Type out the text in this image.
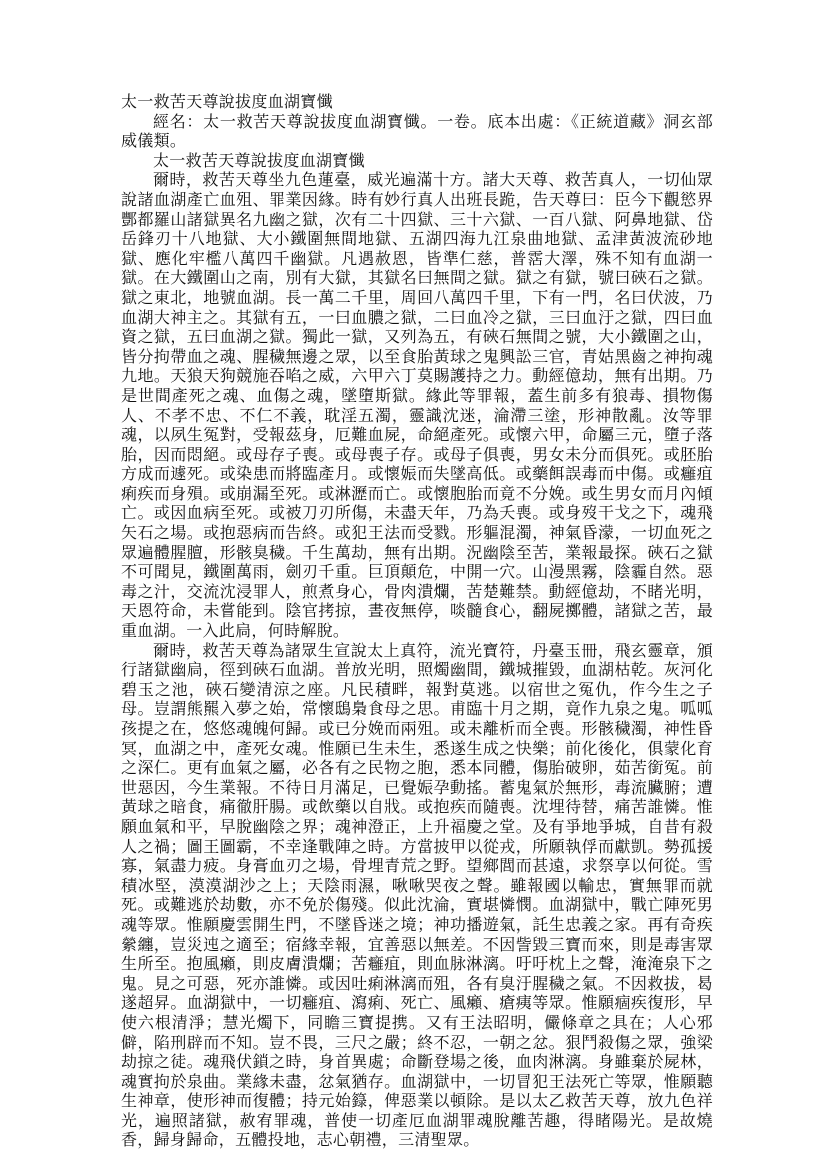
太一救苦天尊說拔度血湖寶懺

經名：太一救苦天尊說拔度血湖寶懺。一卷。底本出處：《正統道藏》洞玄部威儀類。

太一救苦天尊說拔度血湖寶懺

爾時，救苦天尊坐九色蓮臺，威光遍滿十方。諸大天尊、救苦真人，一切仙眾說諸血湖產亡血殂、罪業因緣。時有妙行真人出班長跪，告天尊曰：臣今下觀慾界酆都羅山諸獄異名九幽之獄，次有二十四獄、三十六獄、一百八獄、阿鼻地獄、岱岳鋒刃十八地獄、大小鐵圍無間地獄、五湖四海九江泉曲地獄、孟津黃波流砂地獄、應化牢檻八萬四千幽獄。凡遇赦恩，皆準仁慈，普霑大澤，殊不知有血湖一獄。在大鐵圍山之南，別有大獄，其獄名曰無間之獄。獄之有獄，號曰硤石之獄。獄之東北，地號血湖。長一萬二千里，周回八萬四千里，下有一門，名曰伏波，乃血湖大神主之。其獄有五，一曰血膿之獄，二曰血冷之獄，三曰血汙之獄，四曰血資之獄，五曰血湖之獄。獨此一獄，又列為五，有硤石無間之號，大小鐵圍之山，皆分拘帶血之魂、腥穢無邊之眾，以至食胎黃球之鬼興訟三官，青姑黑齒之神拘魂九地。天狼天狗競施吞啗之威，六甲六丁莫賜護持之力。動經億劫，無有出期。乃是世間產死之魂、血傷之魂，墜墮斯獄。緣此等罪報，蓋生前多有狼毒、損物傷人、不孝不忠、不仁不義，耽淫五濁，靈識沈迷，淪滯三塗，形神散亂。汝等罪魂，以夙生冤對，受報茲身，厄難血屍，命絕產死。或懷六甲，命屬三元，墮子落胎，因而悶絕。或母存子喪。或母喪子存。或母子俱喪，男女未分而俱死。或胚胎方成而遽死。或染患而將臨產月。或懷娠而失墜高低。或藥餌誤毒而中傷。或癰疽痢疾而身殞。或崩漏至死。或淋瀝而亡。或懷胞胎而竟不分娩。或生男女而月內傾亡。或因血病至死。或被刀刃所傷，未盡天年，乃為夭喪。或身歿干戈之下，魂飛矢石之場。或抱惡病而告終。或犯王法而受戮。形軀混濁，神氣昏濛，一切血死之眾遍體腥膻，形骸臭穢。千生萬劫，無有出期。況幽陰至苦，業報最探。硤石之獄不可聞見，鐵圍萬雨，劍刃千重。巨頂顛危，中開一穴。山漫黑霧，陰霾自然。惡毒之汁，交流沈浸罪人，煎煮身心，骨肉潰爛，苦楚難禁。動經億劫，不睹光明，天恩符命，未嘗能到。陰官拷掠，晝夜無停，啖髓食心，翻屍擲體，諸獄之苦，最重血湖。一入此扃，何時解脫。

爾時，救苦天尊為諸眾生宣說太上真符，流光寶符，丹臺玉冊，飛玄靈章，頒行諸獄幽扃，徑到硤石血湖。普放光明，照燭幽間，鐵城摧毀，血湖枯乾。灰河化碧玉之池，硤石變清涼之座。凡民積畔，報對莫逃。以宿世之冤仇，作今生之子母。豈謂熊羆入夢之始，常懷鴟梟食母之思。甫臨十月之期，竟作九泉之鬼。呱呱孩提之在，悠悠魂魄何歸。或已分娩而兩殂。或未離析而全喪。形骸穢濁，神性昏冥，血湖之中，產死女魂。惟願已生未生，悉遂生成之快樂；前化後化，俱蒙化育之深仁。更有血氣之屬，必各有之民物之胞，悉本同體，傷胎破卵，茹苦銜冤。前世惡因，今生業報。不待日月滿足，已覺娠孕動搖。蓄鬼氣於無形，毒流臟腑；遭黃球之暗食，痛徹肝腸。或飲藥以自戕。或抱疾而隨喪。沈埋待替，痛苦誰憐。惟願血氣和平，早脫幽陰之界；魂神澄正，上升福慶之堂。及有爭地爭城，自昔有殺人之禍；圖王圖霸，不幸逢戰陣之時。方當披甲以從戎，所願執俘而獻凱。勢孤援寡，氣盡力疲。身膏血刃之場，骨埋青荒之野。望鄉閭而甚遠，求祭享以何從。雪積冰堅，漠漠湖沙之上；天陰雨濕，啾啾哭夜之聲。雖報國以輸忠，實無罪而就死。或難逃於劫數，亦不免於傷殘。似此沈淪，實堪憐憫。血湖獄中，戰亡陣死男魂等眾。惟願慶雲開生門，不墜昏迷之境；神功播遊氣，託生忠義之家。再有奇疾縈纏，豈災迍之適至；宿緣幸報，宜善惡以無差。不因訾毀三寶而來，則是毒害眾生所至。抱風癩，則皮膚潰爛；苦癰疽，則血脉淋漓。吁吁枕上之聲，淹淹泉下之鬼。見之可惡，死亦誰憐。或因吐痢淋漓而殂，各有臭汙腥穢之氣。不因救拔，曷遂超昇。血湖獄中，一切癰疽、瀉痢、死亡、風癩、瘡痍等眾。惟願痼疾復形，早使六根清淨；慧光燭下，同瞻三寶提携。又有王法昭明，儼條章之具在；人心邪僻，陷刑辟而不知。豈不畏，三尺之嚴；終不忍，一朝之忿。狠鬥殺傷之眾，強梁劫掠之徒。魂飛伏鎖之時，身首異處；命斷登場之後，血肉淋漓。身雖棄於屍林，魂實拘於泉曲。業緣未盡，忿氣猶存。血湖獄中，一切冒犯王法死亡等眾，惟願聽生神章，使形神而復體；持元始籙，俾惡業以頓除。是以太乙救苦天尊，放九色祥光，遍照諸獄，赦宥罪魂，普使一切產厄血湖罪魂脫離苦趣，得睹陽光。是故燒香，歸身歸命，五體投地，志心朝禮，三清聖眾。
